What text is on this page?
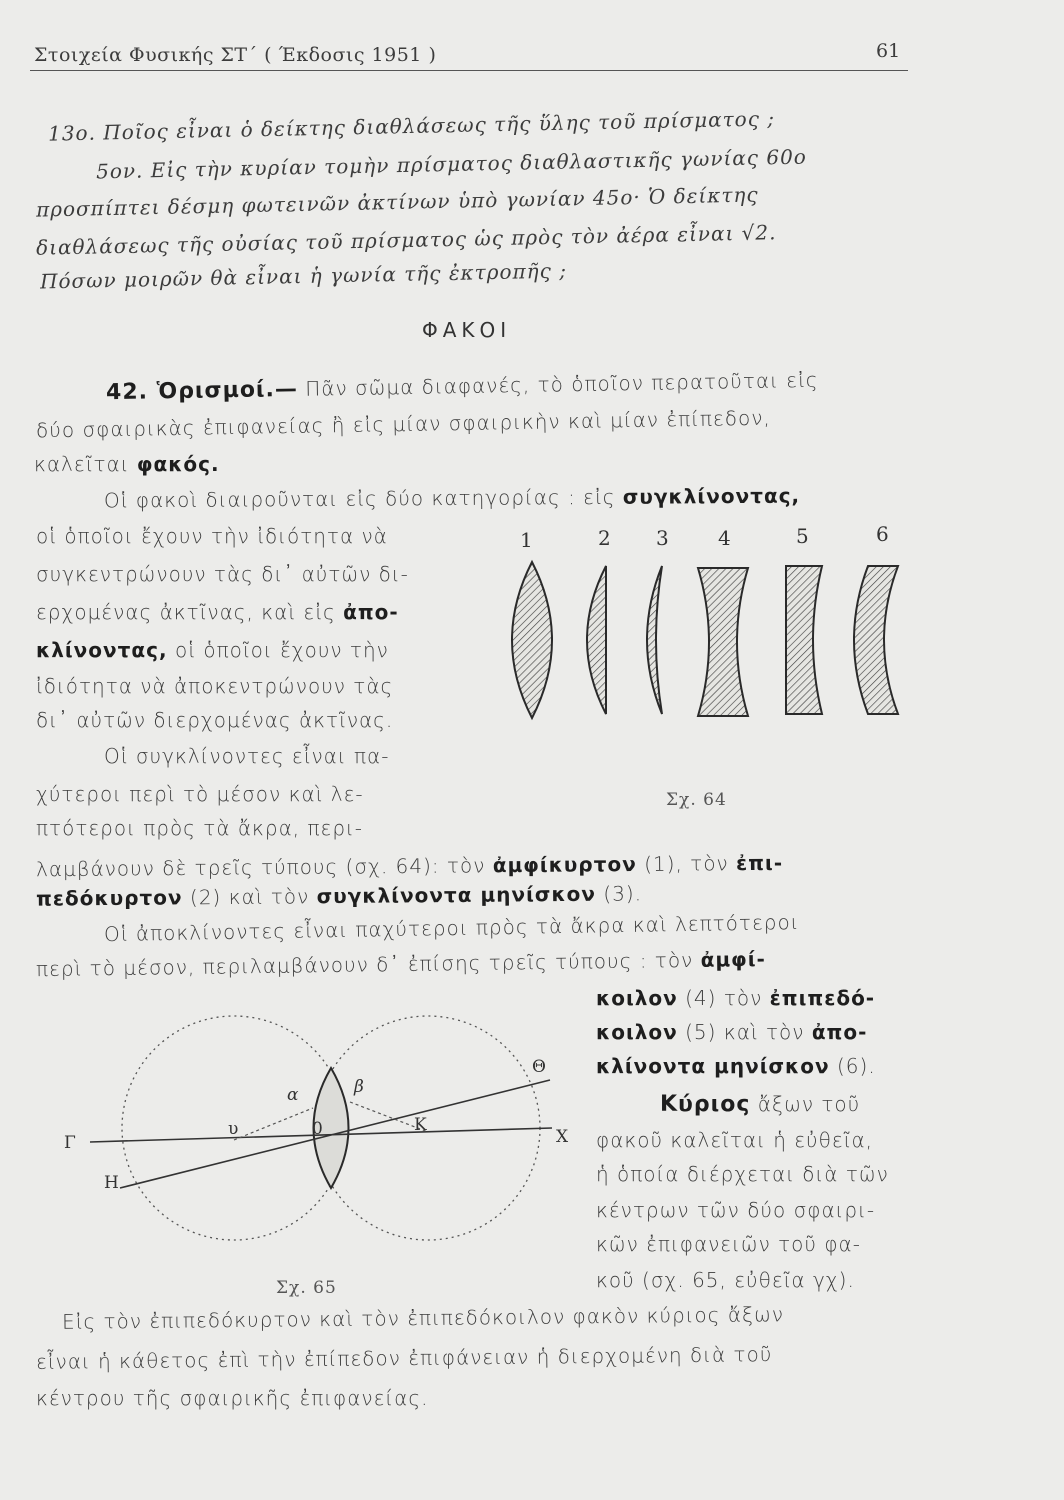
Στοιχεία Φυσικής ΣΤ΄ ( Έκδοσις 1951 )	61
13ο. Ποῖος εἶναι ὁ δείκτης διαθλάσεως τῆς ὕλης τοῦ πρίσματος ;
5ον. Εἰς τὴν κυρίαν τομὴν πρίσματος διαθλαστικῆς γωνίας 60ο
προσπίπτει δέσμη φωτεινῶν ἀκτίνων ὑπὸ γωνίαν 45ο· Ὁ δείκτης
διαθλάσεως τῆς οὐσίας τοῦ πρίσματος ὡς πρὸς τὸν ἀέρα εἶναι √2.
Πόσων μοιρῶν θὰ εἶναι ἡ γωνία τῆς ἐκτροπῆς ;
ΦΑΚΟΙ
42. Ὁρισμοί.— Πᾶν σῶμα διαφανές, τὸ ὁποῖον περατοῦται εἰς
δύο σφαιρικὰς ἐπιφανείας ἢ εἰς μίαν σφαιρικὴν καὶ μίαν ἐπίπεδον,
καλεῖται φακός.
Οἱ φακοὶ διαιροῦνται εἰς δύο κατηγορίας : εἰς συγκλίνοντας,
οἱ ὁποῖοι ἔχουν τὴν ἰδιότητα νὰ
συγκεντρώνουν τὰς δι᾿ αὐτῶν δι-
ερχομένας ἀκτῖνας, καὶ εἰς ἀπο-
κλίνοντας, οἱ ὁποῖοι ἔχουν τὴν
ἰδιότητα νὰ ἀποκεντρώνουν τὰς
δι᾿ αὐτῶν διερχομένας ἀκτῖνας.
Οἱ συγκλίνοντες εἶναι πα-
χύτεροι περὶ τὸ μέσον καὶ λε-
πτότεροι πρὸς τὰ ἄκρα, περι-
λαμβάνουν δὲ τρεῖς τύπους (σχ. 64): τὸν ἀμφίκυρτον (1), τὸν ἐπι-
πεδόκυρτον (2) καὶ τὸν συγκλίνοντα μηνίσκον (3).
Οἱ ἀποκλίνοντες εἶναι παχύτεροι πρὸς τὰ ἄκρα καὶ λεπτότεροι
περὶ τὸ μέσον, περιλαμβάνουν δ᾿ ἐπίσης τρεῖς τύπους : τὸν ἀμφί-
κοιλον (4) τὸν ἐπιπεδό-
κοιλον (5) καὶ τὸν ἀπο-
κλίνοντα μηνίσκον (6).
Κύριος ἄξων τοῦ
φακοῦ καλεῖται ἡ εὐθεῖα,
ἡ ὁποία διέρχεται διὰ τῶν
κέντρων τῶν δύο σφαιρι-
κῶν ἐπιφανειῶν τοῦ φα-
κοῦ (σχ. 65, εὐθεῖα γχ).
Εἰς τὸν ἐπιπεδόκυρτον καὶ τὸν ἐπιπεδόκοιλον φακὸν κύριος ἄξων
εἶναι ἡ κάθετος ἐπὶ τὴν ἐπίπεδον ἐπιφάνειαν ἡ διερχομένη διὰ τοῦ
κέντρου τῆς σφαιρικῆς ἐπιφανείας.
1	2 3 4	5	6
Σχ. 64
Γ	Χ
Η
Θ
α	β
υ	0	Κ
Σχ. 65
